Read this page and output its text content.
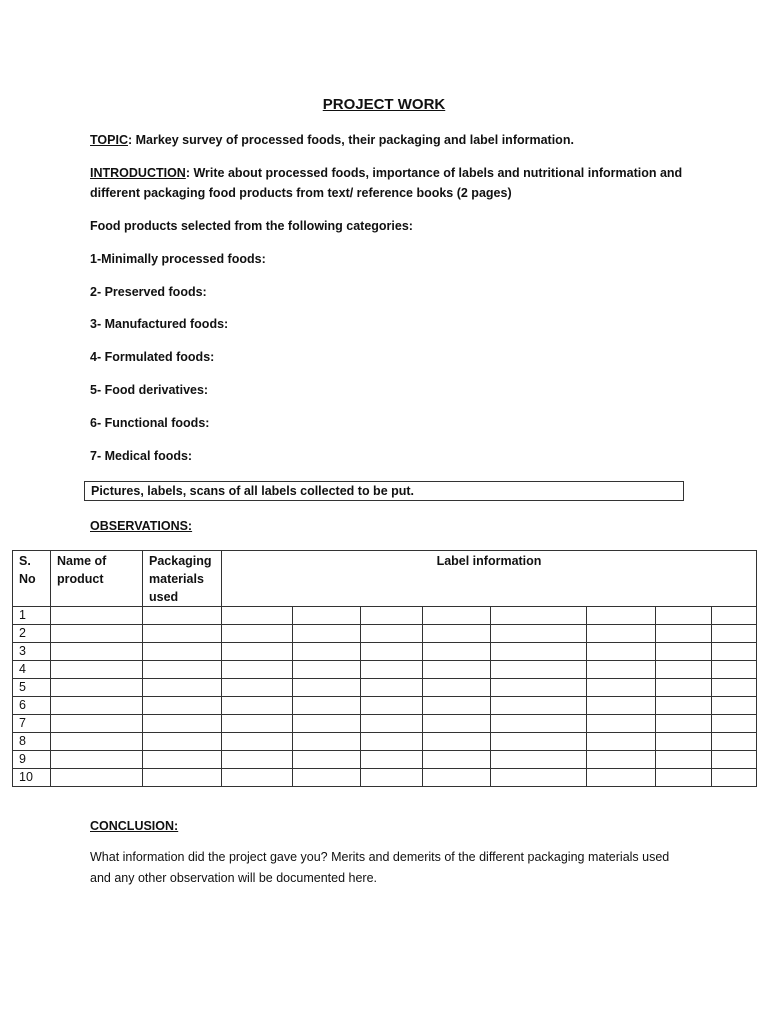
PROJECT WORK
TOPIC: Markey survey of processed foods, their packaging and label information.
INTRODUCTION: Write about processed foods, importance of labels and nutritional information and different packaging food products from text/ reference books (2 pages)
Food products selected from the following categories:
1-Minimally processed foods:
2- Preserved foods:
3- Manufactured foods:
4- Formulated foods:
5- Food derivatives:
6- Functional foods:
7- Medical foods:
Pictures, labels, scans of all labels collected to be put.
OBSERVATIONS:
S. No	Name of product	Packaging materials used	Label information							
1										
2										
3										
4										
5										
6										
7										
8										
9										
10										
CONCLUSION:
What information did the project gave you? Merits and demerits of the different packaging materials used and any other observation will be documented here.
